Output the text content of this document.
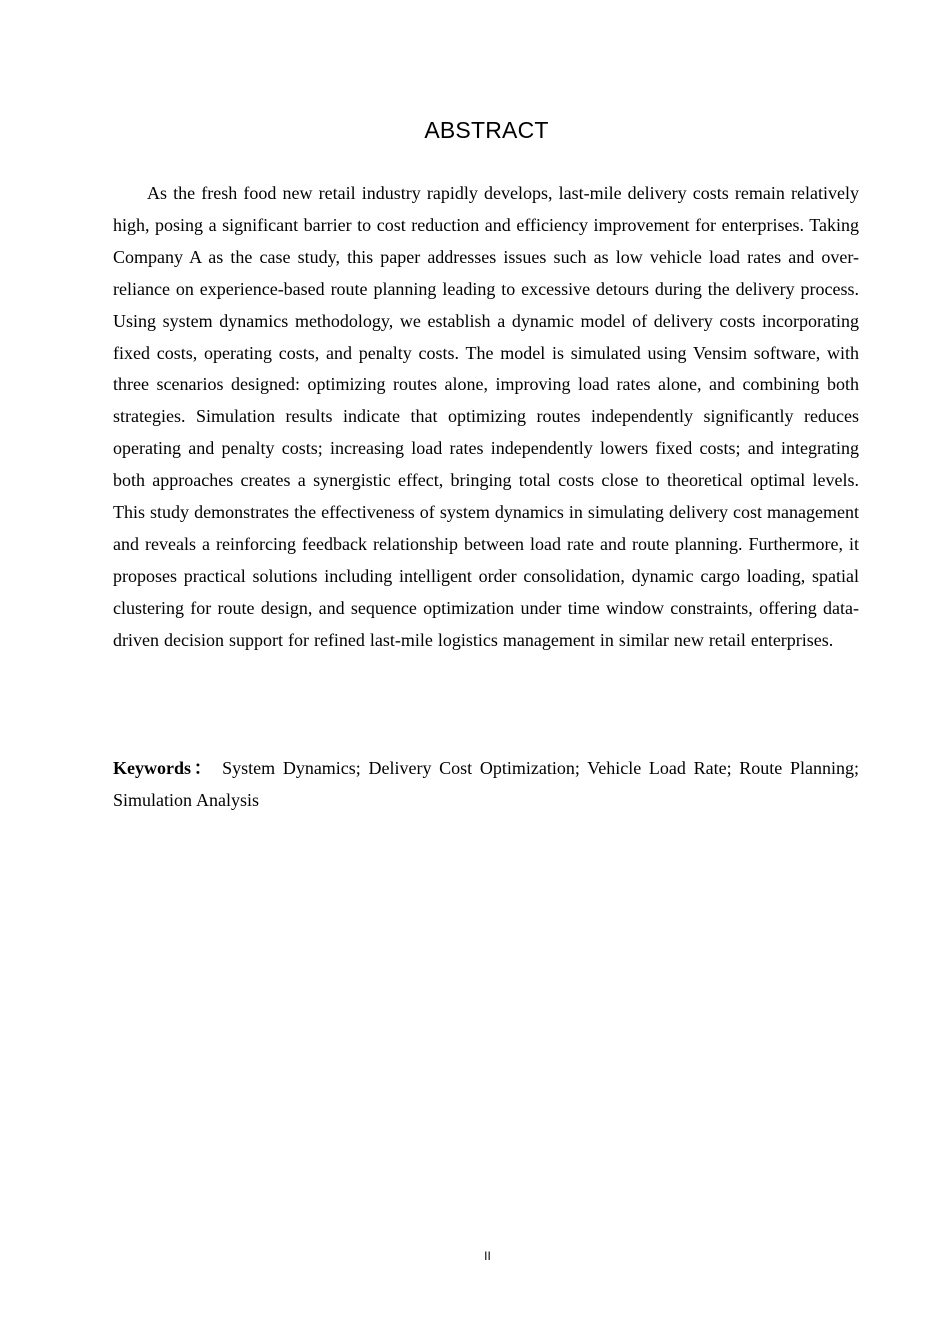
ABSTRACT

As the fresh food new retail industry rapidly develops, last-mile delivery costs remain relatively high, posing a significant barrier to cost reduction and efficiency improvement for enterprises. Taking Company A as the case study, this paper addresses issues such as low vehicle load rates and over-reliance on experience-based route planning leading to excessive detours during the delivery process. Using system dynamics methodology, we establish a dynamic model of delivery costs incorporating fixed costs, operating costs, and penalty costs. The model is simulated using Vensim software, with three scenarios designed: optimizing routes alone, improving load rates alone, and combining both strategies. Simulation results indicate that optimizing routes independently significantly reduces operating and penalty costs; increasing load rates independently lowers fixed costs; and integrating both approaches creates a synergistic effect, bringing total costs close to theoretical optimal levels. This study demonstrates the effectiveness of system dynamics in simulating delivery cost management and reveals a reinforcing feedback relationship between load rate and route planning. Furthermore, it proposes practical solutions including intelligent order consolidation, dynamic cargo loading, spatial clustering for route design, and sequence optimization under time window constraints, offering data-driven decision support for refined last-mile logistics management in similar new retail enterprises.

Keywords： System Dynamics; Delivery Cost Optimization; Vehicle Load Rate; Route Planning; Simulation Analysis

II
